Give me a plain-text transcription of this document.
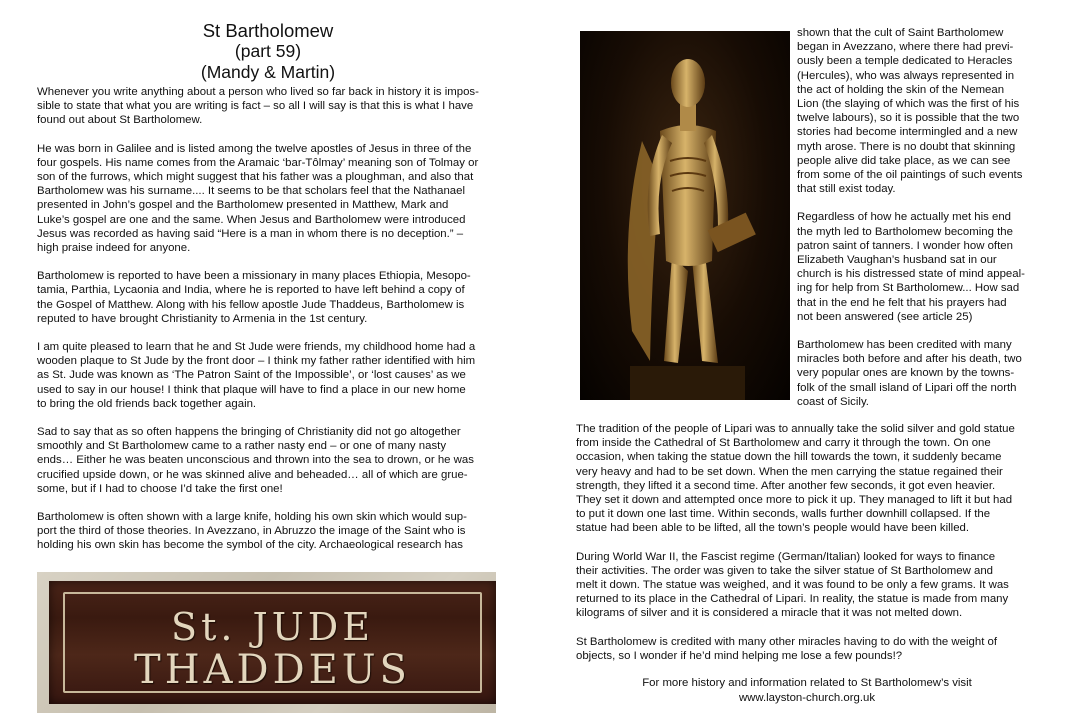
St Bartholomew
(part 59)
(Mandy & Martin)

Whenever you write anything about a person who lived so far back in history it is impos-
sible to state that what you are writing is fact – so all I will say is that this is what I have
found out about St Bartholomew.

He was born in Galilee and is listed among the twelve apostles of Jesus in three of the
four gospels. His name comes from the Aramaic ‘bar-Tôlmay’ meaning son of Tolmay or
son of the furrows, which might suggest that his father was a ploughman, and also that
Bartholomew was his surname.... It seems to be that scholars feel that the Nathanael
presented in John’s gospel and the Bartholomew presented in Matthew, Mark and
Luke’s gospel are one and the same. When Jesus and Bartholomew were introduced
Jesus was recorded as having said “Here is a man in whom there is no deception.” –
high praise indeed for anyone.

Bartholomew is reported to have been a missionary in many places Ethiopia, Mesopo-
tamia, Parthia, Lycaonia and India, where he is reported to have left behind a copy of
the Gospel of Matthew. Along with his fellow apostle Jude Thaddeus, Bartholomew is
reputed to have brought Christianity to Armenia in the 1st century.

I am quite pleased to learn that he and St Jude were friends, my childhood home had a
wooden plaque to St Jude by the front door – I think my father rather identified with him
as St. Jude was known as ‘The Patron Saint of the Impossible’, or ‘lost causes’ as we
used to say in our house! I think that plaque will have to find a place in our new home
to bring the old friends back together again.

Sad to say that as so often happens the bringing of Christianity did not go altogether
smoothly and St Bartholomew came to a rather nasty end – or one of many nasty
ends… Either he was beaten unconscious and thrown into the sea to drown, or he was
crucified upside down, or he was skinned alive and beheaded… all of which are grue-
some, but if I had to choose I’d take the first one!

Bartholomew is often shown with a large knife, holding his own skin which would sup-
port the third of those theories. In Avezzano, in Abruzzo the image of the Saint who is
holding his own skin has become the symbol of the city. Archaeological research has

St. JUDE
THADDEUS

shown that the cult of Saint Bartholomew
began in Avezzano, where there had previ-
ously been a temple dedicated to Heracles
(Hercules), who was always represented in
the act of holding the skin of the Nemean
Lion (the slaying of which was the first of his
twelve labours), so it is possible that the two
stories had become intermingled and a new
myth arose. There is no doubt that skinning
people alive did take place, as we can see
from some of the oil paintings of such events
that still exist today.

Regardless of how he actually met his end
the myth led to Bartholomew becoming the
patron saint of tanners. I wonder how often
Elizabeth Vaughan’s husband sat in our
church is his distressed state of mind appeal-
ing for help from St Bartholomew... How sad
that in the end he felt that his prayers had
not been answered (see article 25)

Bartholomew has been credited with many
miracles both before and after his death, two
very popular ones are known by the towns-
folk of the small island of Lipari off the north
coast of Sicily.

The tradition of the people of Lipari was to annually take the solid silver and gold statue
from inside the Cathedral of St Bartholomew and carry it through the town. On one
occasion, when taking the statue down the hill towards the town, it suddenly became
very heavy and had to be set down. When the men carrying the statue regained their
strength, they lifted it a second time. After another few seconds, it got even heavier.
They set it down and attempted once more to pick it up. They managed to lift it but had
to put it down one last time. Within seconds, walls further downhill collapsed. If the
statue had been able to be lifted, all the town’s people would have been killed.

During World War II, the Fascist regime (German/Italian) looked for ways to finance
their activities. The order was given to take the silver statue of St Bartholomew and
melt it down. The statue was weighed, and it was found to be only a few grams. It was
returned to its place in the Cathedral of Lipari. In reality, the statue is made from many
kilograms of silver and it is considered a miracle that it was not melted down.

St Bartholomew is credited with many other miracles having to do with the weight of
objects, so I wonder if he’d mind helping me lose a few pounds!?

For more history and information related to St Bartholomew’s visit
www.layston-church.org.uk
